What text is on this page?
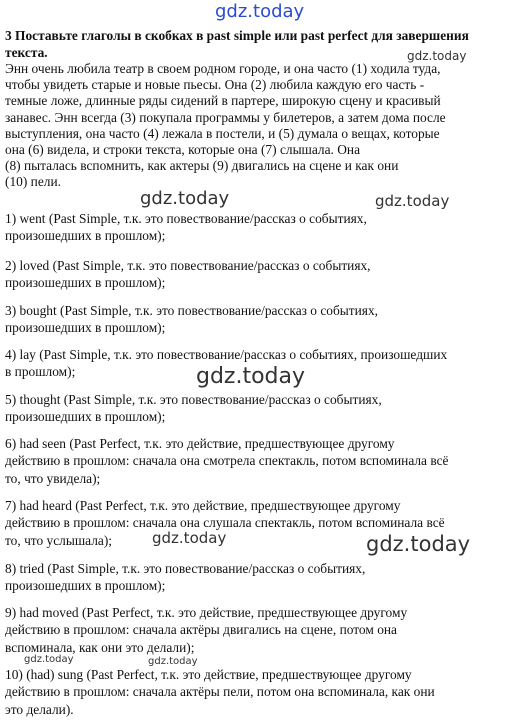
gdz.today
gdz.today
gdz.today	gdz.today
gdz.today
gdz.today	gdz.today
gdz.today	gdz.today

3 Поставьте глаголы в скобках в past simple или past perfect для завершения текста.

Энн очень любила театр в своем родном городе, и она часто (1) ходила туда,
чтобы увидеть старые и новые пьесы. Она (2) любила каждую его часть -
темные ложе, длинные ряды сидений в партере, широкую сцену и красивый
занавес. Энн всегда (3) покупала программы у билетеров, а затем дома после
выступления, она часто (4) лежала в постели, и (5) думала о вещах, которые
она (6) видела, и строки текста, которые она (7) слышала. Она
(8) пыталась вспомнить, как актеры (9) двигались на сцене и как они
(10) пели.
1) went (Past Simple, т.к. это повествование/рассказ о событиях,
произошедших в прошлом);
2) loved (Past Simple, т.к. это повествование/рассказ о событиях,
произошедших в прошлом);
3) bought (Past Simple, т.к. это повествование/рассказ о событиях,
произошедших в прошлом);
4) lay (Past Simple, т.к. это повествование/рассказ о событиях, произошедших
в прошлом);
5) thought (Past Simple, т.к. это повествование/рассказ о событиях,
произошедших в прошлом);
6) had seen (Past Perfect, т.к. это действие, предшествующее другому
действию в прошлом: сначала она смотрела спектакль, потом вспоминала всё
то, что увидела);
7) had heard (Past Perfect, т.к. это действие, предшествующее другому
действию в прошлом: сначала она слушала спектакль, потом вспоминала всё
то, что услышала);
8) tried (Past Simple, т.к. это повествование/рассказ о событиях,
произошедших в прошлом);
9) had moved (Past Perfect, т.к. это действие, предшествующее другому
действию в прошлом: сначала актёры двигались на сцене, потом она
вспоминала, как они это делали);
10) (had) sung (Past Perfect, т.к. это действие, предшествующее другому
действию в прошлом: сначала актёры пели, потом она вспоминала, как они
это делали).
